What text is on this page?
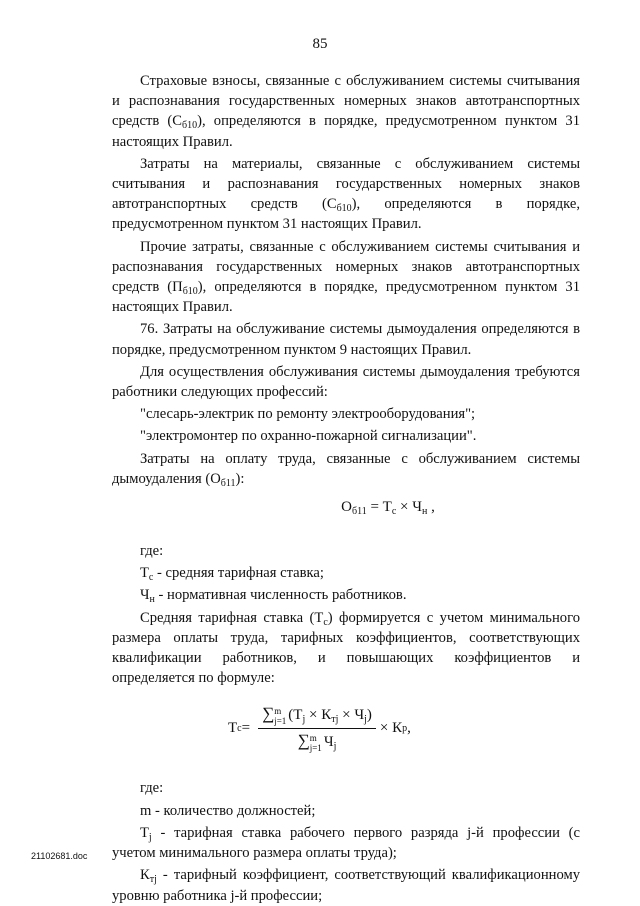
85

Страховые взносы, связанные с обслуживанием системы считывания и распознавания государственных номерных знаков автотранспортных средств $(С_{б10})$, определяются в порядке, предусмотренном пунктом 31 настоящих Правил.

Затраты на материалы, связанные с обслуживанием системы считывания и распознавания государственных номерных знаков автотранспортных средств $(С_{б10})$, определяются в порядке, предусмотренном пунктом 31 настоящих Правил.

Прочие затраты, связанные с обслуживанием системы считывания и распознавания государственных номерных знаков автотранспортных средств $(П_{б10})$, определяются в порядке, предусмотренном пунктом 31 настоящих Правил.

76. Затраты на обслуживание системы дымоудаления определяются в порядке, предусмотренном пунктом 9 настоящих Правил.

Для осуществления обслуживания системы дымоудаления требуются работники следующих профессий:

"слесарь-электрик по ремонту электрооборудования";

"электромонтер по охранно-пожарной сигнализации".

Затраты на оплату труда, связанные с обслуживанием системы дымоудаления $(О_{б11})$:

$О_{б11} = Т_с \times Ч_н$ ,

где:

$Т_с$ - средняя тарифная ставка;

$Ч_н$ - нормативная численность работников.

Средняя тарифная ставка $(Т_с)$ формируется с учетом минимального размера оплаты труда, тарифных коэффициентов, соответствующих квалификации работников, и повышающих коэффициентов и определяется по формуле:

Т с = ∑ m
j=1 $(Т_j \times К_{тj} \times Ч_j)$
∑ m
j=1 $Ч_j \times К$ р ,

где:

m - количество должностей;

$Т_j$ - тарифная ставка рабочего первого разряда j-й профессии (с учетом минимального размера оплаты труда);

$К_{тj}$ - тарифный коэффициент, соответствующий квалификационному уровню работника j-й профессии;

21102681.doc
